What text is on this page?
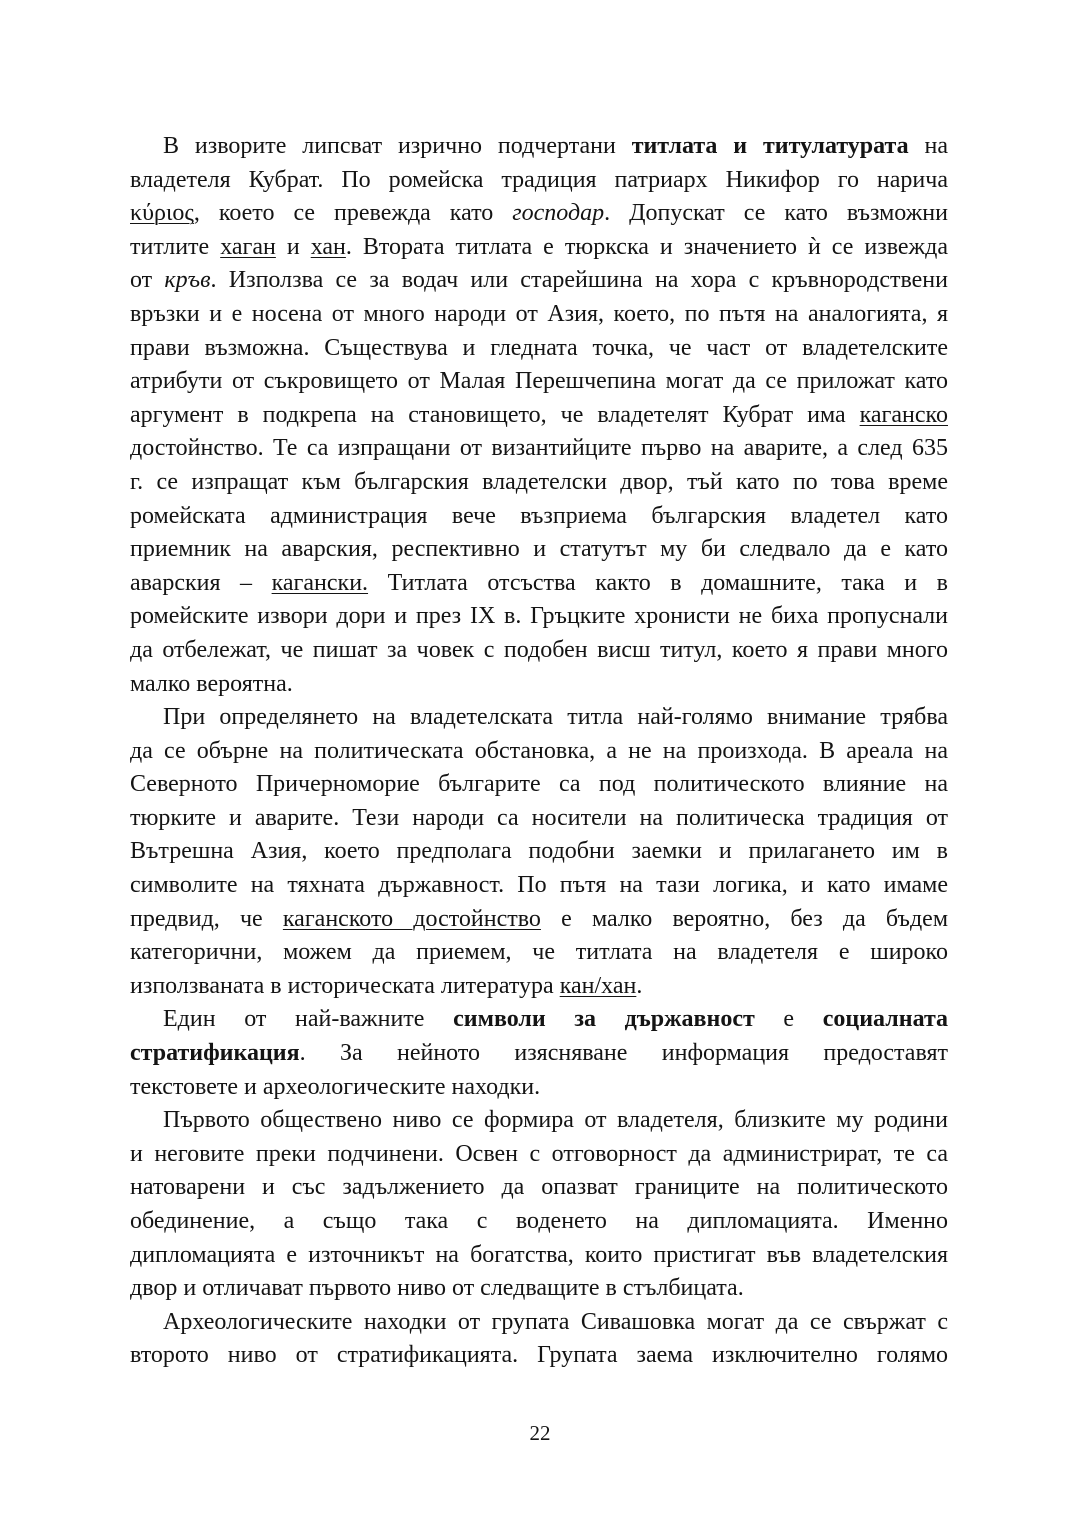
В изворите липсват изрично подчертани титлата и титулатурата на
владетеля Кубрат. По ромейска традиция патриарх Никифор го нарича
κύριος, което се превежда като господар. Допускат се като възможни
титлите хаган и хан. Втората титлата е тюркска и значението ѝ се извежда
от кръв. Използва се за водач или старейшина на хора с кръвнородствени
връзки и е носена от много народи от Азия, което, по пътя на аналогията, я
прави възможна. Съществува и гледната точка, че част от владетелските
атрибути от съкровището от Малая Перешчепина могат да се приложат като
аргумент в подкрепа на становището, че владетелят Кубрат има каганско
достойнство. Те са изпращани от византийците първо на аварите, а след 635
г. се изпращат към българския владетелски двор, тъй като по това време
ромейската администрация вече възприема българския владетел като
приемник на аварския, респективно и статутът му би следвало да е като
аварския – кагански. Титлата отсъства както в домашните, така и в
ромейските извори дори и през IX в. Гръцките хронисти не биха пропуснали
да отбележат, че пишат за човек с подобен висш титул, което я прави много
малко вероятна.
При определянето на владетелската титла най-голямо внимание трябва
да се обърне на политическата обстановка, а не на произхода. В ареала на
Северното Причерноморие българите са под политическото влияние на
тюрките и аварите. Тези народи са носители на политическа традиция от
Вътрешна Азия, което предполага подобни заемки и прилагането им в
символите на тяхната държавност. По пътя на тази логика, и като имаме
предвид, че каганското достойнство е малко вероятно, без да бъдем
категорични, можем да приемем, че титлата на владетеля е широко
използваната в историческата литература кан/хан.
Един от най-важните символи за държавност е социалната
стратификация. За нейното изясняване информация предоставят
текстовете и археологическите находки.
Първото обществено ниво се формира от владетеля, близките му родини
и неговите преки подчинени. Освен с отговорност да администрират, те са
натоварени и със задължението да опазват границите на политическото
обединение, а също така с воденето на дипломацията. Именно
дипломацията е източникът на богатства, които пристигат във владетелския
двор и отличават първото ниво от следващите в стълбицата.
Археологическите находки от групата Сивашовка могат да се свържат с
второто ниво от стратификацията. Групата заема изключително голямо
22
